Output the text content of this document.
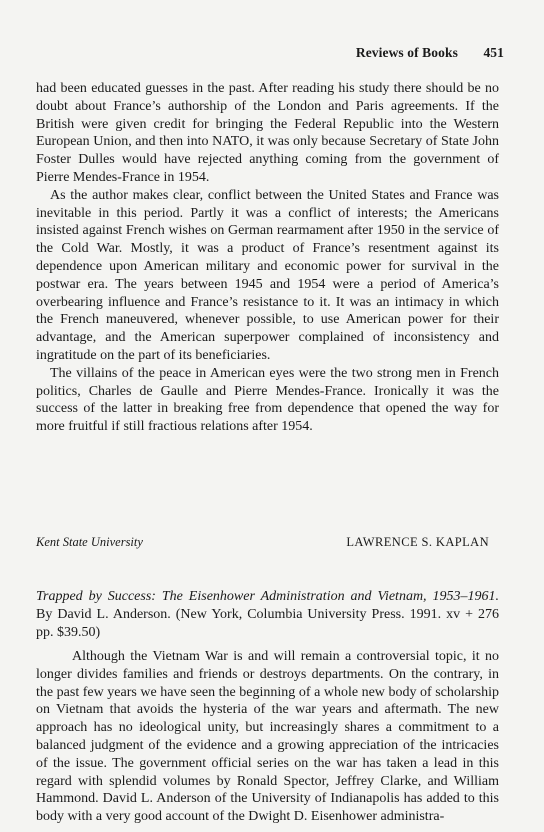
Reviews of Books 451

had been educated guesses in the past. After reading his study there should be no doubt about France’s authorship of the London and Paris agreements. If the British were given credit for bringing the Federal Republic into the Western European Union, and then into NATO, it was only because Secretary of State John Foster Dulles would have rejected anything coming from the government of Pierre Mendes-France in 1954.

As the author makes clear, conflict between the United States and France was inevitable in this period. Partly it was a conflict of interests; the Americans insisted against French wishes on German rearmament after 1950 in the service of the Cold War. Mostly, it was a product of France’s resentment against its dependence upon American military and economic power for survival in the postwar era. The years between 1945 and 1954 were a period of America’s overbearing influence and France’s resistance to it. It was an intimacy in which the French maneuvered, whenever possible, to use American power for their advantage, and the American superpower complained of inconsistency and ingratitude on the part of its beneficiaries.

The villains of the peace in American eyes were the two strong men in French politics, Charles de Gaulle and Pierre Mendes-France. Ironically it was the success of the latter in breaking free from dependence that opened the way for more fruitful if still fractious relations after 1954.

Kent State University	LAWRENCE S. KAPLAN

Trapped by Success: The Eisenhower Administration and Vietnam, 1953–1961. By David L. Anderson. (New York, Columbia University Press. 1991. xv + 276 pp. $39.50)

Although the Vietnam War is and will remain a controversial topic, it no longer divides families and friends or destroys departments. On the contrary, in the past few years we have seen the beginning of a whole new body of scholarship on Vietnam that avoids the hysteria of the war years and aftermath. The new approach has no ideological unity, but increasingly shares a commitment to a balanced judgment of the evidence and a growing appreciation of the intricacies of the issue. The government official series on the war has taken a lead in this regard with splendid volumes by Ronald Spector, Jeffrey Clarke, and William Hammond. David L. Anderson of the University of Indianapolis has added to this body with a very good account of the Dwight D. Eisenhower administra-
